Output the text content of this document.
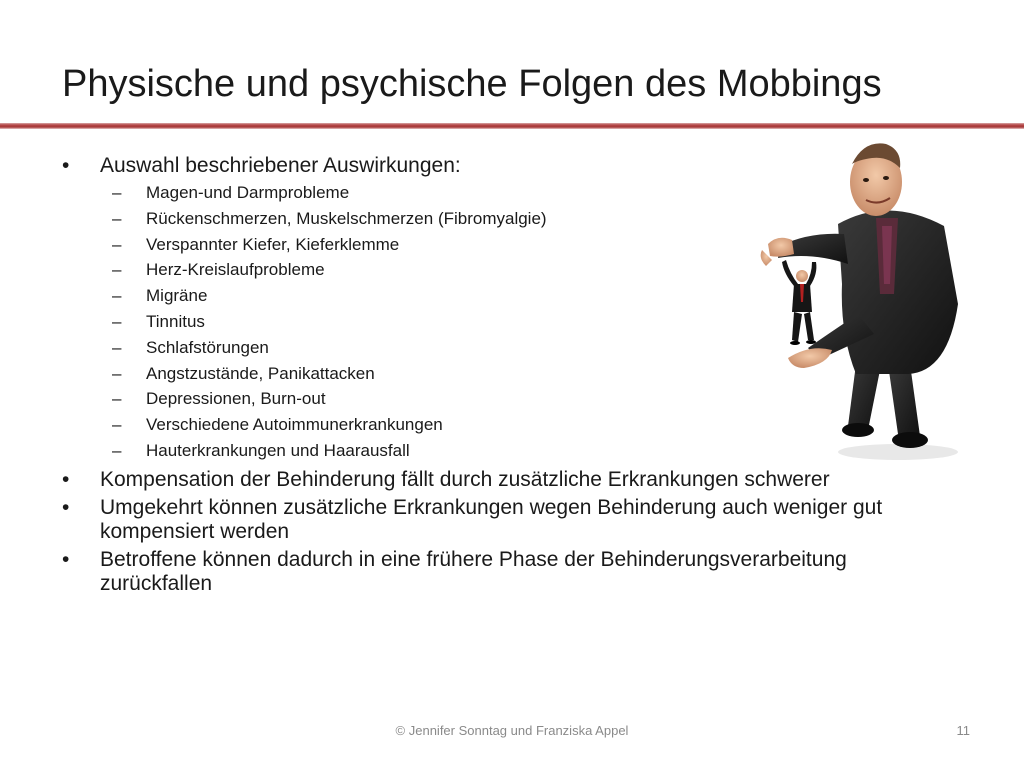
Physische und psychische Folgen des Mobbings
•	Auswahl beschriebener Auswirkungen:
– Magen-und Darmprobleme
– Rückenschmerzen, Muskelschmerzen (Fibromyalgie)
– Verspannter Kiefer, Kieferklemme
– Herz-Kreislaufprobleme
– Migräne
– Tinnitus
– Schlafstörungen
– Angstzustände, Panikattacken
– Depressionen, Burn-out
– Verschiedene Autoimmunerkrankungen
– Hauterkrankungen und Haarausfall
•	Kompensation der Behinderung fällt durch zusätzliche Erkrankungen schwerer
•	Umgekehrt können zusätzliche Erkrankungen wegen Behinderung auch weniger gut kompensiert werden
•	Betroffene können dadurch in eine frühere Phase der Behinderungsverarbeitung zurückfallen
© Jennifer Sonntag und Franziska Appel	11
